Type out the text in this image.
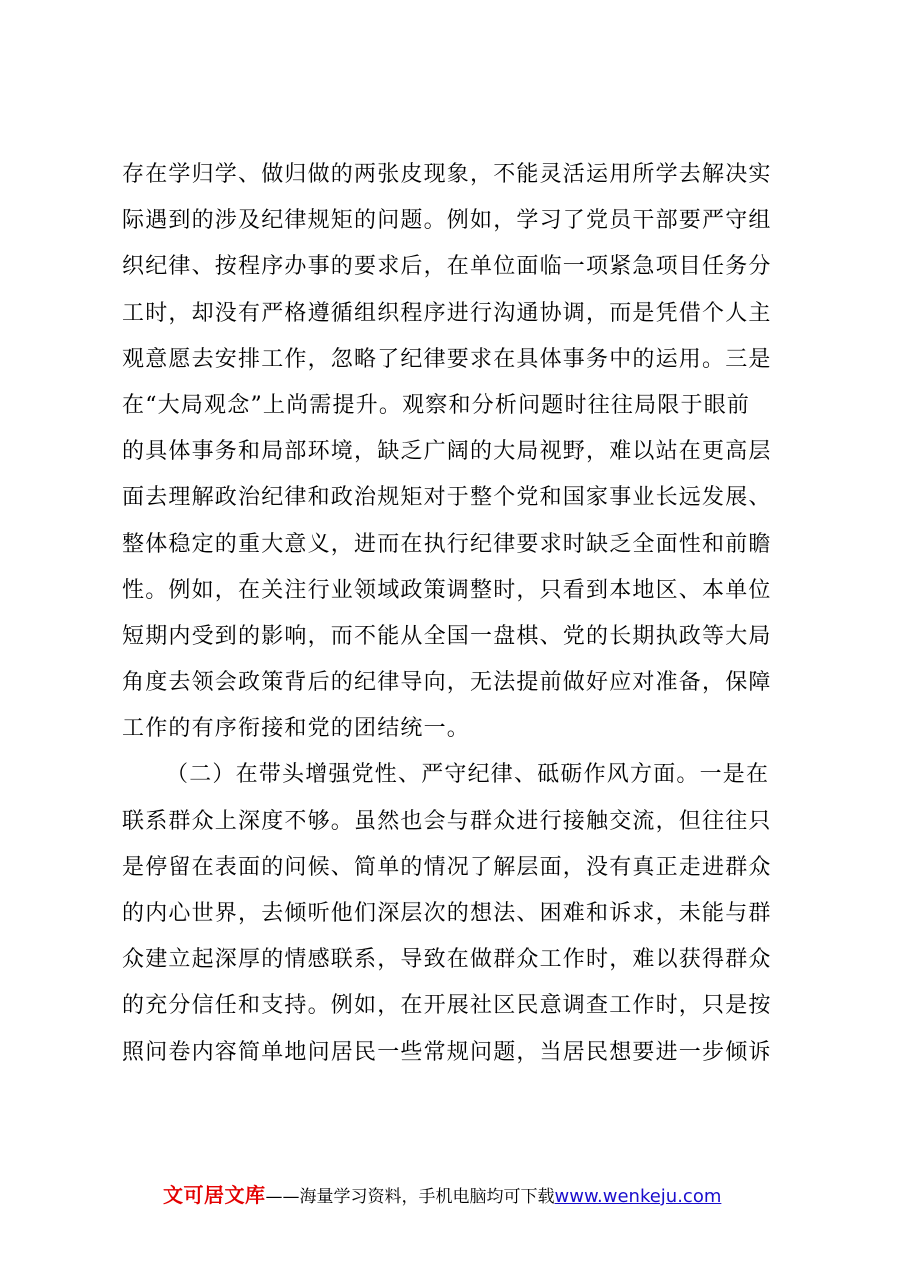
存在学归学、做归做的两张皮现象，不能灵活运用所学去解决实
际遇到的涉及纪律规矩的问题。例如，学习了党员干部要严守组
织纪律、按程序办事的要求后，在单位面临一项紧急项目任务分
工时，却没有严格遵循组织程序进行沟通协调，而是凭借个人主
观意愿去安排工作，忽略了纪律要求在具体事务中的运用。三是
在“大局观念”上尚需提升。观察和分析问题时往往局限于眼前
的具体事务和局部环境，缺乏广阔的大局视野，难以站在更高层
面去理解政治纪律和政治规矩对于整个党和国家事业长远发展、
整体稳定的重大意义，进而在执行纪律要求时缺乏全面性和前瞻
性。例如，在关注行业领域政策调整时，只看到本地区、本单位
短期内受到的影响，而不能从全国一盘棋、党的长期执政等大局
角度去领会政策背后的纪律导向，无法提前做好应对准备，保障
工作的有序衔接和党的团结统一。
（二）在带头增强党性、严守纪律、砥砺作风方面。一是在
联系群众上深度不够。虽然也会与群众进行接触交流，但往往只
是停留在表面的问候、简单的情况了解层面，没有真正走进群众
的内心世界，去倾听他们深层次的想法、困难和诉求，未能与群
众建立起深厚的情感联系，导致在做群众工作时，难以获得群众
的充分信任和支持。例如，在开展社区民意调查工作时，只是按
照问卷内容简单地问居民一些常规问题，当居民想要进一步倾诉
文可居文库——海量学习资料，手机电脑均可下载www.wenkeju.com
